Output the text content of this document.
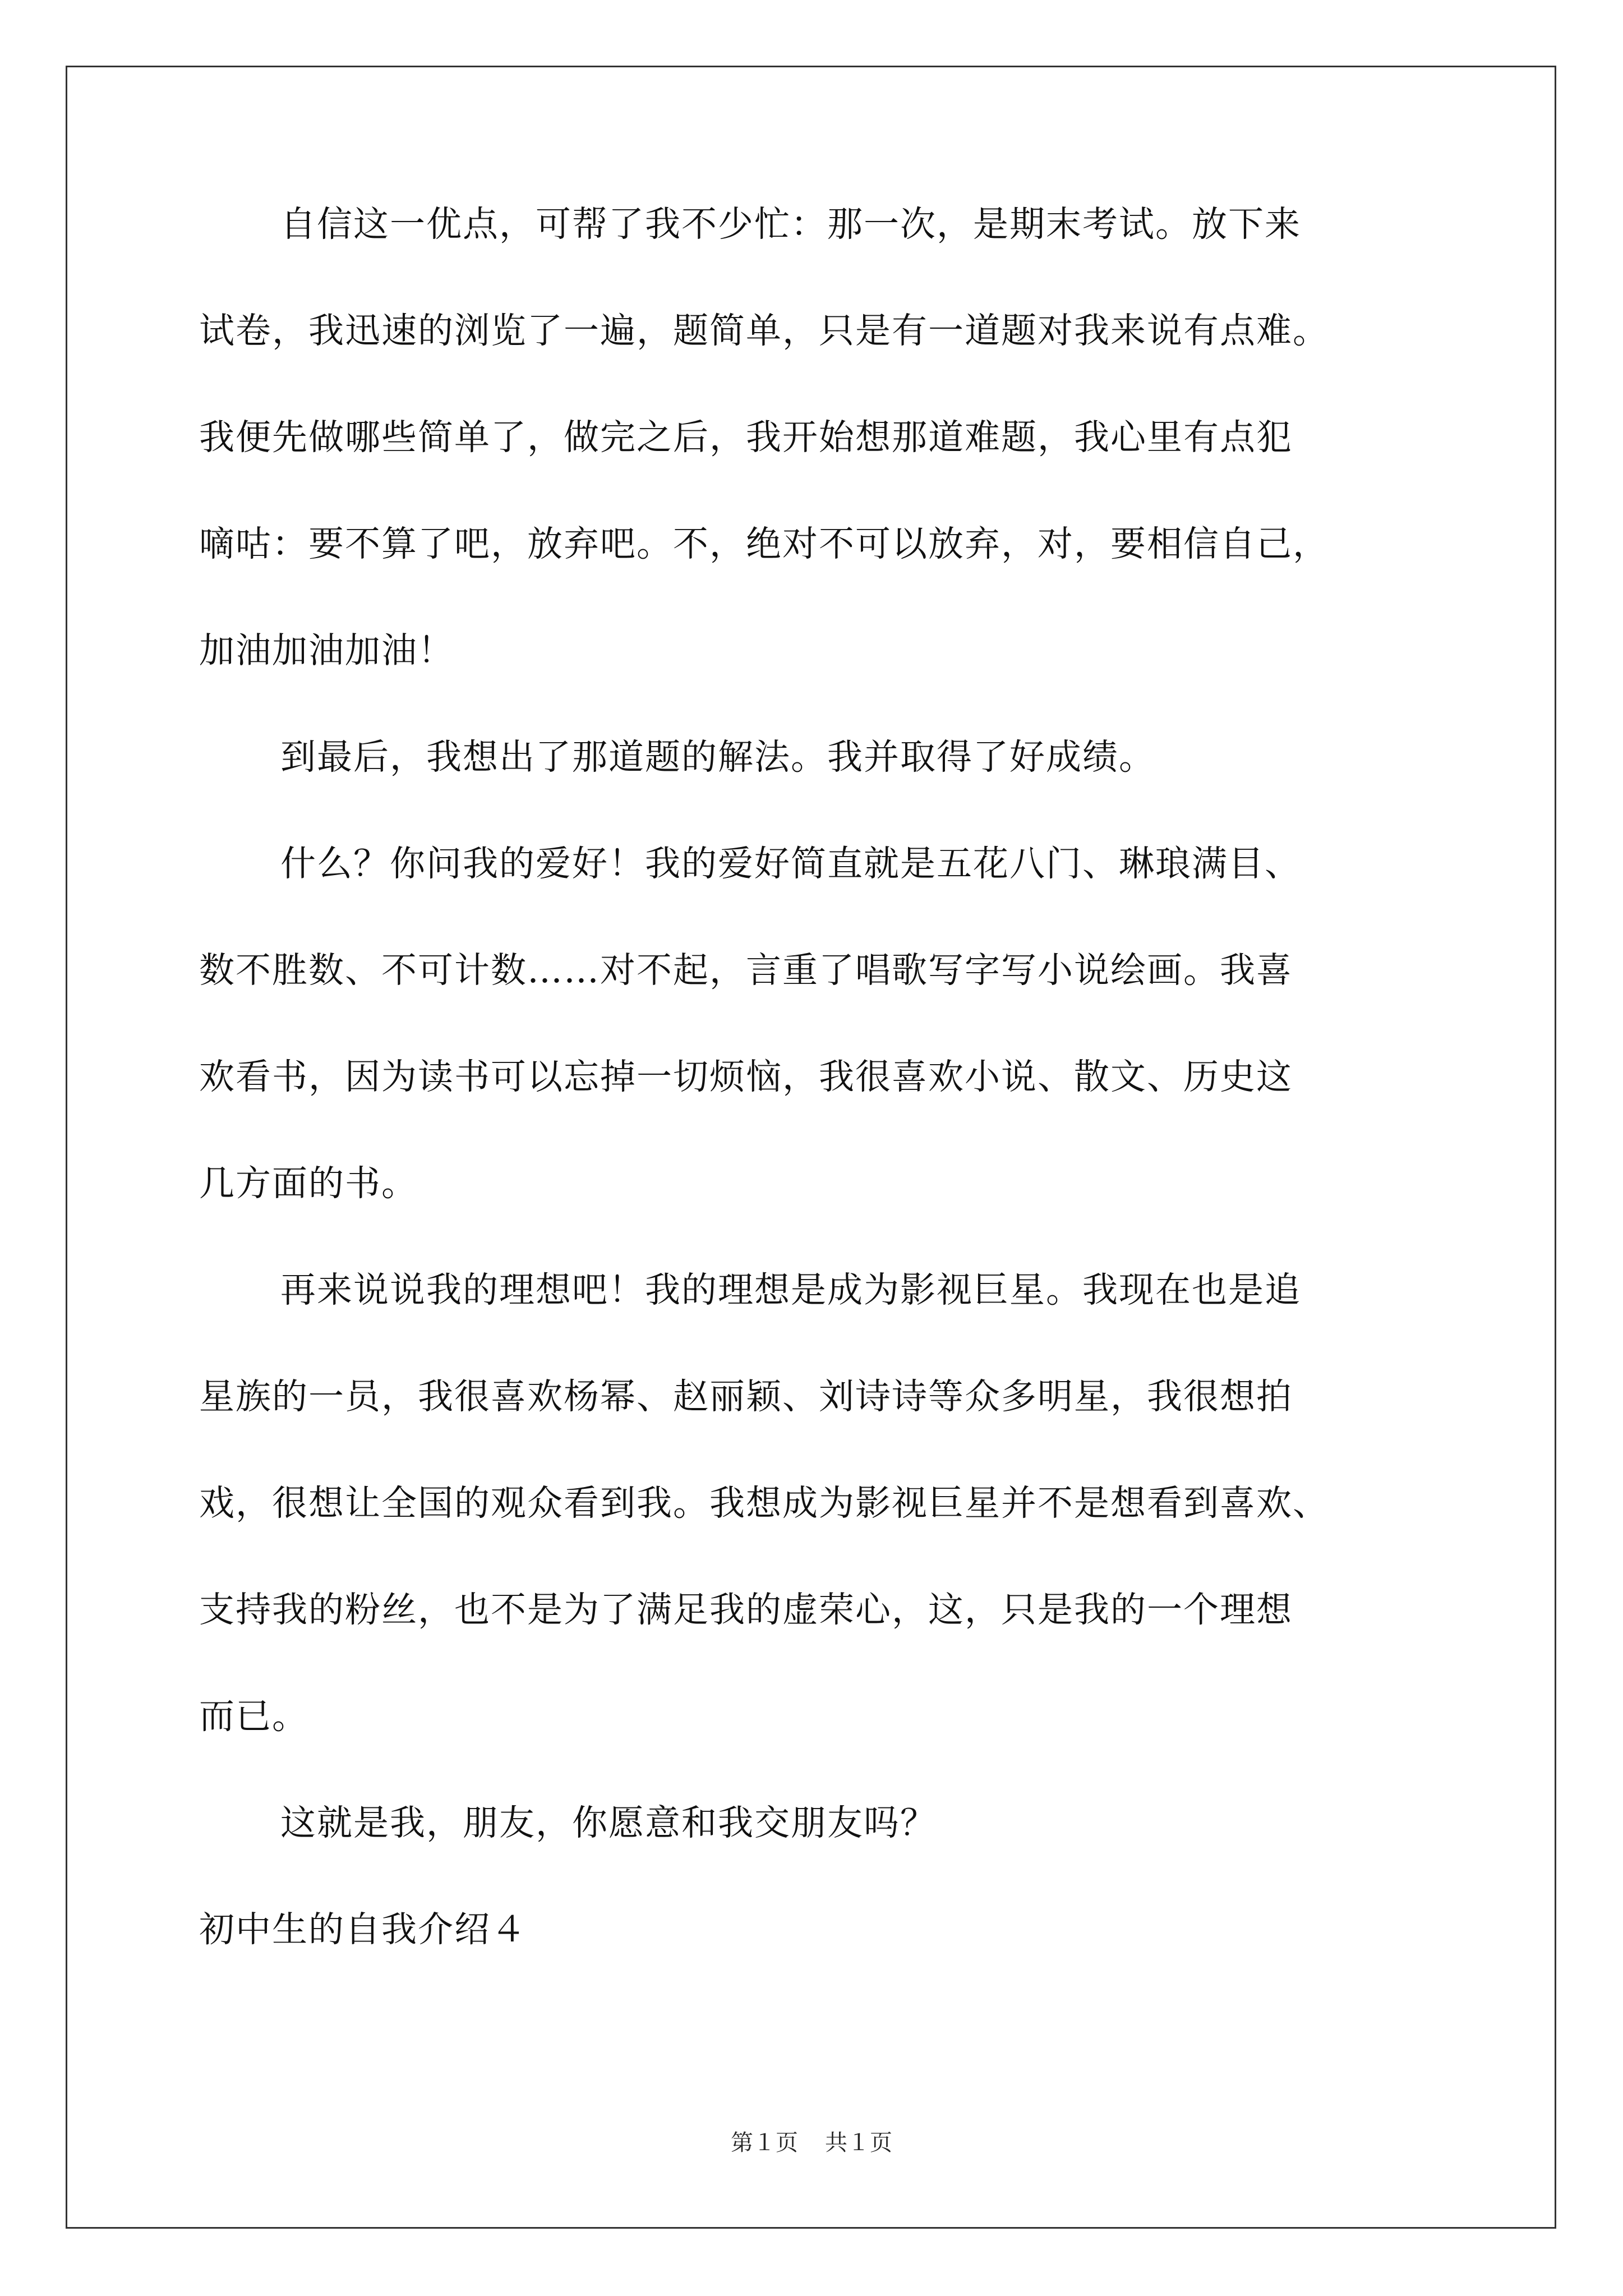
自信这一优点，可帮了我不少忙：那一次，是期末考试。放下来
试卷，我迅速的浏览了一遍，题简单，只是有一道题对我来说有点难。
我便先做哪些简单了，做完之后，我开始想那道难题，我心里有点犯
嘀咕：要不算了吧，放弃吧。不，绝对不可以放弃，对，要相信自己，
加油加油加油！
到最后，我想出了那道题的解法。我并取得了好成绩。
什么？你问我的爱好！我的爱好简直就是五花八门、琳琅满目、
数不胜数、不可计数……对不起，言重了唱歌写字写小说绘画。我喜
欢看书，因为读书可以忘掉一切烦恼，我很喜欢小说、散文、历史这
几方面的书。
再来说说我的理想吧！我的理想是成为影视巨星。我现在也是追
星族的一员，我很喜欢杨幂、赵丽颖、刘诗诗等众多明星，我很想拍
戏，很想让全国的观众看到我。我想成为影视巨星并不是想看到喜欢、
支持我的粉丝，也不是为了满足我的虚荣心，这，只是我的一个理想
而已。
这就是我，朋友，你愿意和我交朋友吗？
初中生的自我介绍４
第１页 共１页
